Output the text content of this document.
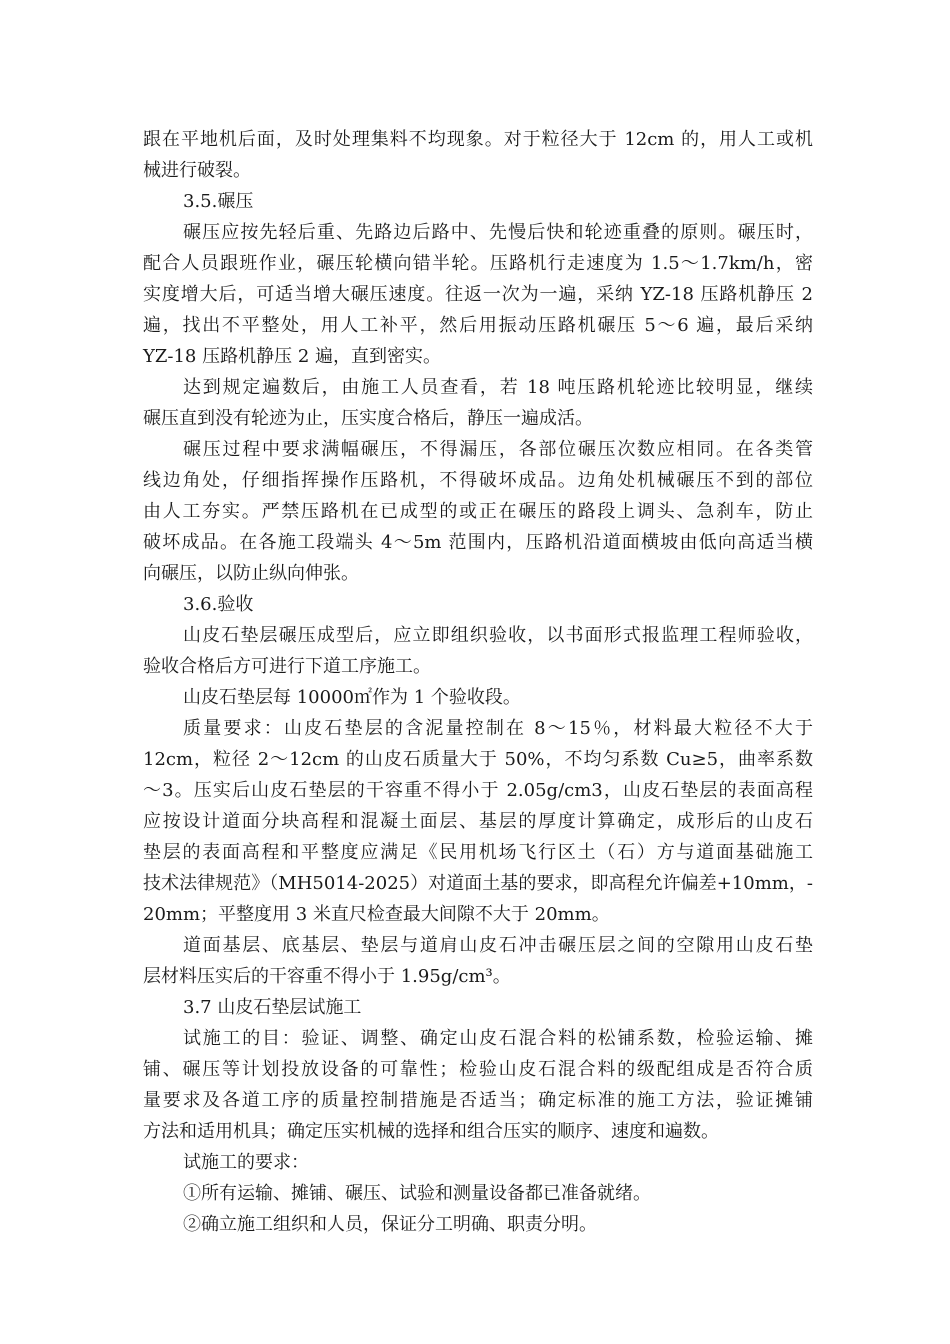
跟在平地机后面，及时处理集料不均现象。对于粒径大于 12cm 的，用人工或机
械进行破裂。
3.5.碾压
碾压应按先轻后重、先路边后路中、先慢后快和轮迹重叠的原则。碾压时，
配合人员跟班作业，碾压轮横向错半轮。压路机行走速度为 1.5～1.7km/h，密
实度增大后，可适当增大碾压速度。往返一次为一遍，采纳 YZ-18 压路机静压 2
遍，找出不平整处，用人工补平，然后用振动压路机碾压 5～6 遍，最后采纳
YZ-18 压路机静压 2 遍，直到密实。
达到规定遍数后，由施工人员查看，若 18 吨压路机轮迹比较明显，继续
碾压直到没有轮迹为止，压实度合格后，静压一遍成活。
碾压过程中要求满幅碾压，不得漏压，各部位碾压次数应相同。在各类管
线边角处，仔细指挥操作压路机，不得破坏成品。边角处机械碾压不到的部位
由人工夯实。严禁压路机在已成型的或正在碾压的路段上调头、急刹车，防止
破坏成品。在各施工段端头 4～5m 范围内，压路机沿道面横坡由低向高适当横
向碾压，以防止纵向伸张。
3.6.验收
山皮石垫层碾压成型后，应立即组织验收，以书面形式报监理工程师验收，
验收合格后方可进行下道工序施工。
山皮石垫层每 10000㎡作为 1 个验收段。
质量要求：山皮石垫层的含泥量控制在 8～15％，材料最大粒径不大于
12cm，粒径 2～12cm 的山皮石质量大于 50%，不均匀系数 Cu≥5，曲率系数
～3。压实后山皮石垫层的干容重不得小于 2.05g/cm3，山皮石垫层的表面高程
应按设计道面分块高程和混凝土面层、基层的厚度计算确定，成形后的山皮石
垫层的表面高程和平整度应满足《民用机场飞行区土（石）方与道面基础施工
技术法律规范》（MH5014-2025）对道面土基的要求，即高程允许偏差+10mm，-
20mm；平整度用 3 米直尺检查最大间隙不大于 20mm。
道面基层、底基层、垫层与道肩山皮石冲击碾压层之间的空隙用山皮石垫
层材料压实后的干容重不得小于 1.95g/cm³。
3.7 山皮石垫层试施工
试施工的目：验证、调整、确定山皮石混合料的松铺系数，检验运输、摊
铺、碾压等计划投放设备的可靠性；检验山皮石混合料的级配组成是否符合质
量要求及各道工序的质量控制措施是否适当；确定标准的施工方法，验证摊铺
方法和适用机具；确定压实机械的选择和组合压实的顺序、速度和遍数。
试施工的要求：
①所有运输、摊铺、碾压、试验和测量设备都已准备就绪。
②确立施工组织和人员，保证分工明确、职责分明。
